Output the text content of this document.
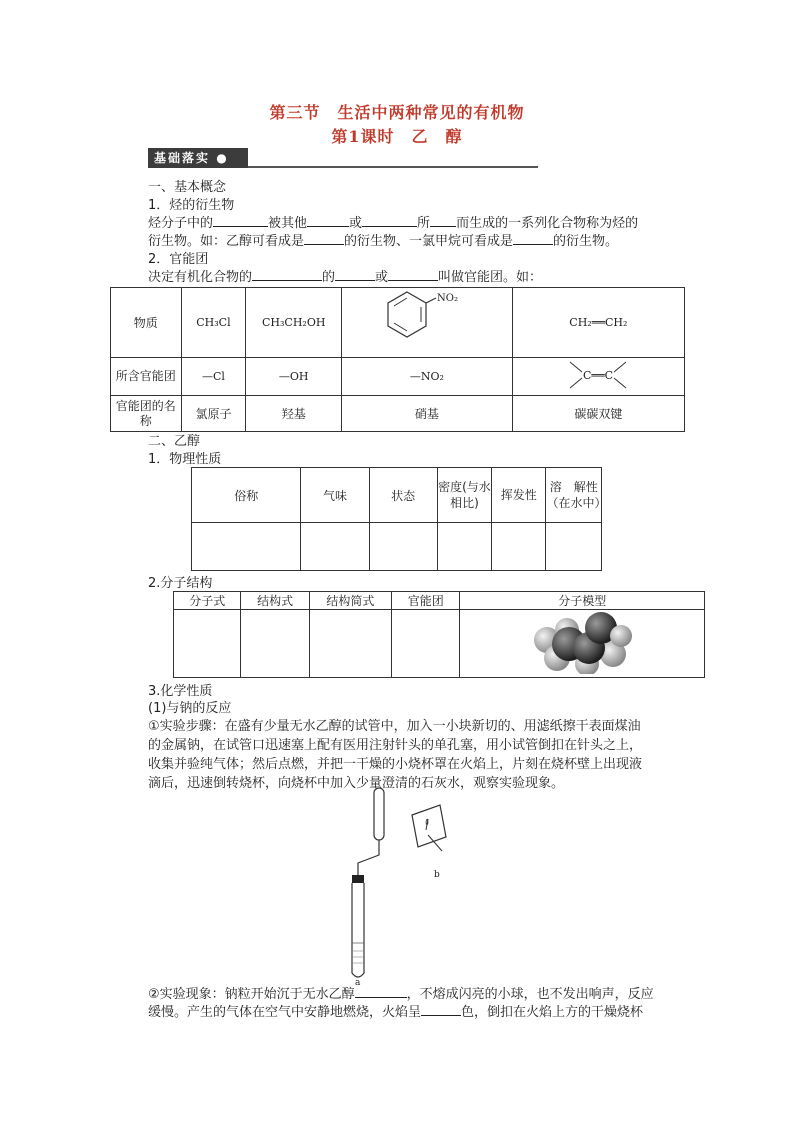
第三节　生活中两种常见的有机物
第1课时　乙　醇
基础落实 ●
一、基本概念
1．烃的衍生物
烃分子中的	被其他	或	所 而生成的一系列化合物称为烃的
衍生物。如：乙醇可看成是	的衍生物、一氯甲烷可看成是	的衍生物。
2．官能团
决定有机化合物的	的	或	叫做官能团。如：
物质	CH₃Cl	CH₃CH₂OH	NO₂	CH₂══CH₂
所含官能团	—Cl	—OH	—NO₂	C══C

官能团的名称	氯原子	羟基	硝基	碳碳双键
二、乙醇
1．物理性质
俗称	气味	状态	密度(与水相比)	挥发性	溶　解性（在水中）

2.分子结构
分子式	结构式	结构简式	官能团	分子模型

3.化学性质
(1)与钠的反应
①实验步骤：在盛有少量无水乙醇的试管中，加入一小块新切的、用滤纸擦干表面煤油
的金属钠，在试管口迅速塞上配有医用注射针头的单孔塞，用小试管倒扣在针头之上，
收集并验纯气体；然后点燃，并把一干燥的小烧杯罩在火焰上，片刻在烧杯壁上出现液
滴后，迅速倒转烧杯，向烧杯中加入少量澄清的石灰水，观察实验现象。
a
b
②实验现象：钠粒开始沉于无水乙醇	，不熔成闪亮的小球，也不发出响声，反应
缓慢。产生的气体在空气中安静地燃烧，火焰呈	色，倒扣在火焰上方的干燥烧杯
